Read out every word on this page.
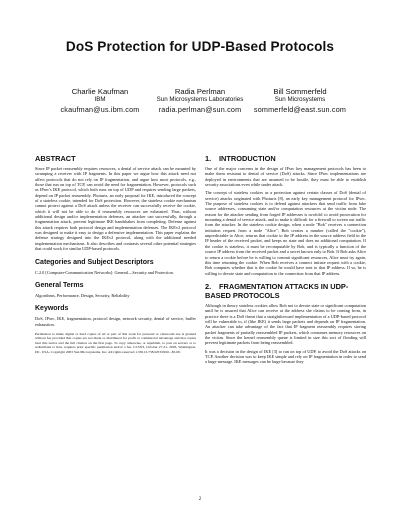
DoS Protection for UDP-Based Protocols
Charlie Kaufman
IBM
ckaufman@us.ibm.com
Radia Perlman
Sun Microsystems Laboratories
radia.perlman@sun.com
Bill Sommerfeld
Sun Microsystems
sommerfeld@east.sun.com
ABSTRACT

Since IP packet reassembly requires resources, a denial of service attack can be mounted by swamping a receiver with IP fragments. In this paper we argue how this attack need not affect protocols that do not rely on IP fragmentation, and argue how most protocols, e.g., those that run on top of TCP, can avoid the need for fragmentation. However, protocols such as IPsec's IKE protocol, which both runs on top of UDP and requires sending large packets, depend on IP packet reassembly. Photuris, an early proposal for IKE, introduced the concept of a stateless cookie, intended for DoS protection. However, the stateless cookie mechanism cannot protect against a DoS attack unless the receiver can successfully receive the cookie, which it will not be able to do if reassembly resources are exhausted. Thus, without additional design and/or implementation defenses, an attacker can successfully, through a fragmentation attack, prevent legitimate IKE handshakes from completing. Defense against this attack requires both protocol design and implementation defenses. The IKEv2 protocol was designed to make it easy to design a defensive implementation. This paper explains the defense strategy designed into the IKEv2 protocol, along with the additional needed implementation mechanisms. It also describes and contrasts several other potential strategies that could work for similar UDP-based protocols.

Categories and Subject Descriptors

C.2.0 [Computer-Communication Networks]: General—Security and Protection.

General Terms

Algorithms, Performance, Design, Security, Reliability

Keywords

DoS, IPsec, IKE, fragmentation, protocol design, network security, denial of service, buffer exhaustion.

Permission to make digital or hard copies of all or part of this work for personal or classroom use is granted without fee provided that copies are not made or distributed for profit or commercial advantage and that copies bear this notice and the full citation on the first page. To copy otherwise, or republish, to post on servers or to redistribute to lists, requires prior specific permission and/or a fee. CCS'03, October 27-31, 2003, Washington, DC, USA. Copyright 2003 Sun Microsystems, Inc. All rights reserved 1-58113-738-9/03/0010...$5.00.

1. INTRODUCTION

One of the major concerns in the design of IPsec key management protocols has been to make them resistant to denial of service (DoS) attacks. Since IPsec implementations are deployed in environments that are assumed to be hostile, they must be able to establish security associations even while under attack.

The concept of stateless cookies as a protection against certain classes of DoS (denial of service) attacks originated with Photuris [8], an early key management protocol for IPsec. The purpose of stateless cookies is to defend against attackers that send traffic from fake source addresses, consuming state and/or computation resources at the victim node. The reason for the attacker sending from forged IP addresses is twofold: to avoid prosecution for mounting a denial of service attack, and to make it difficult for a firewall to screen out traffic from the attacker. In the stateless cookie design, when a node "Bob" receives a connection initiation request from a node "Alice", Bob creates a number (called the "cookie"), unpredictable to Alice, returns that cookie to the IP address in the source address field in the IP header of the received packet, and keeps no state and does no additional computation. If the cookie is stateless, it must be recomputable by Bob, and is typically a function of the source IP address from the received packet and a secret known only to Bob. If Bob asks Alice to return a cookie before he is willing to commit significant resources, Alice must try again, this time returning the cookie. When Bob receives a connect initiate request with a cookie, Bob computes whether that is the cookie he would have sent to that IP address. If so, he is willing to devote state and computation to the connection from that IP address.

2. FRAGMENTATION ATTACKS IN UDP-BASED PROTOCOLS

Although in theory stateless cookies allow Bob not to devote state or significant computation until he is assured that Alice can receive at the address she claims to be coming from, in practice there is a DoS threat that a straightforward implementation of a UDP-based protocol will be vulnerable to, if (like IKE) it sends large packets and depends on IP fragmentation. An attacker can take advantage of the fact that IP fragment reassembly requires storing packet fragments of partially reassembled IP packets, which consumes memory resources on the victim. Since the kernel reassembly queue is limited in size this sort of flooding will prevent legitimate packets from being reassembled.

It was a decision in the design of IKE [3] to run on top of UDP, to avoid the DoS attacks on TCP. Another decision was to keep IKE simple and rely on IP fragmentation in order to send a large message. IKE messages can be large because they

2
